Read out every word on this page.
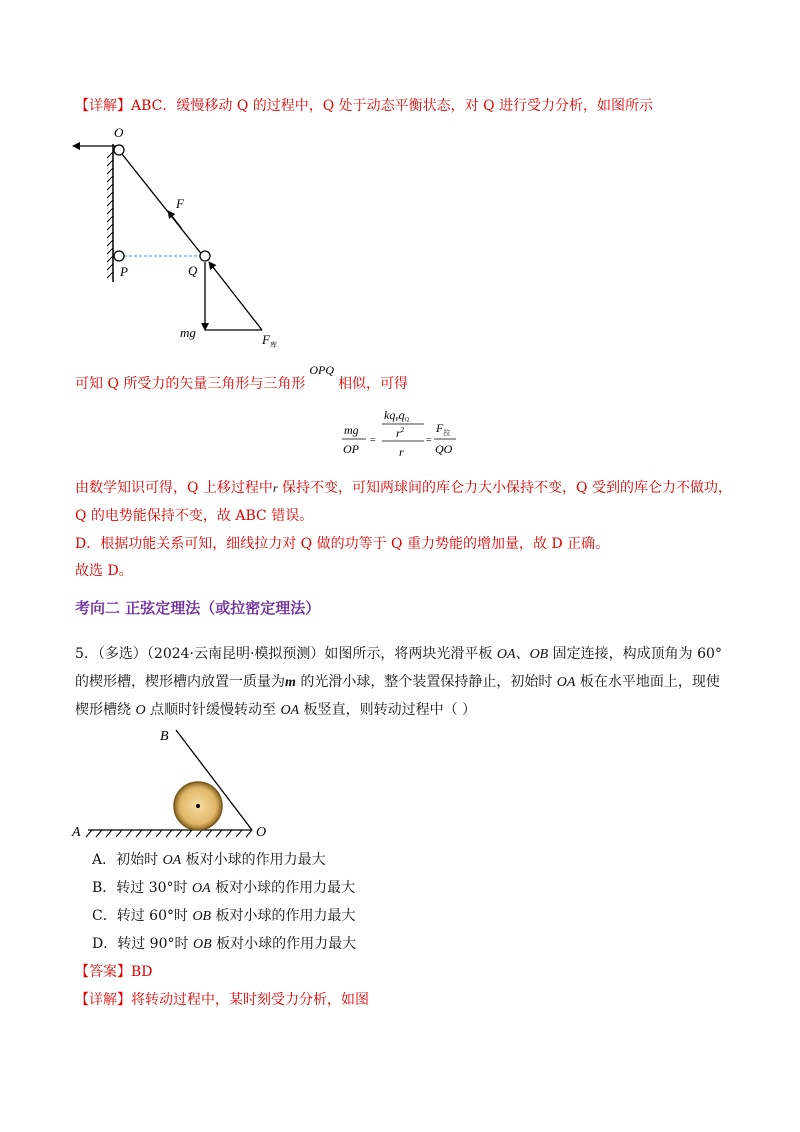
【详解】ABC．缓慢移动 Q 的过程中，Q 处于动态平衡状态，对 Q 进行受力分析，如图所示
O
F
P	Q
mg	$F_库$
可知 Q 所受力的矢量三角形与三角形OPQ相似，可得
mg
OP
=
kqPqQ
$r^2$
r
=
$F_拉$
QO
由数学知识可得，Q 上移过程中r 保持不变，可知两球间的库仑力大小保持不变，Q 受到的库仑力不做功，
Q 的电势能保持不变，故 ABC 错误。
D．根据功能关系可知，细线拉力对 Q 做的功等于 Q 重力势能的增加量，故 D 正确。
故选 D。
考向二 正弦定理法（或拉密定理法）
5．（多选）（2024·云南昆明·模拟预测）如图所示，将两块光滑平板 OA、OB 固定连接，构成顶角为 60°
的楔形槽，楔形槽内放置一质量为m 的光滑小球，整个装置保持静止，初始时 OA 板在水平地面上，现使
楔形槽绕 O 点顺时针缓慢转动至 OA 板竖直，则转动过程中（ ）
B
A	O
A．初始时 OA 板对小球的作用力最大
B．转过 30°时 OA 板对小球的作用力最大
C．转过 60°时 OB 板对小球的作用力最大
D．转过 90°时 OB 板对小球的作用力最大
【答案】BD
【详解】将转动过程中，某时刻受力分析，如图
